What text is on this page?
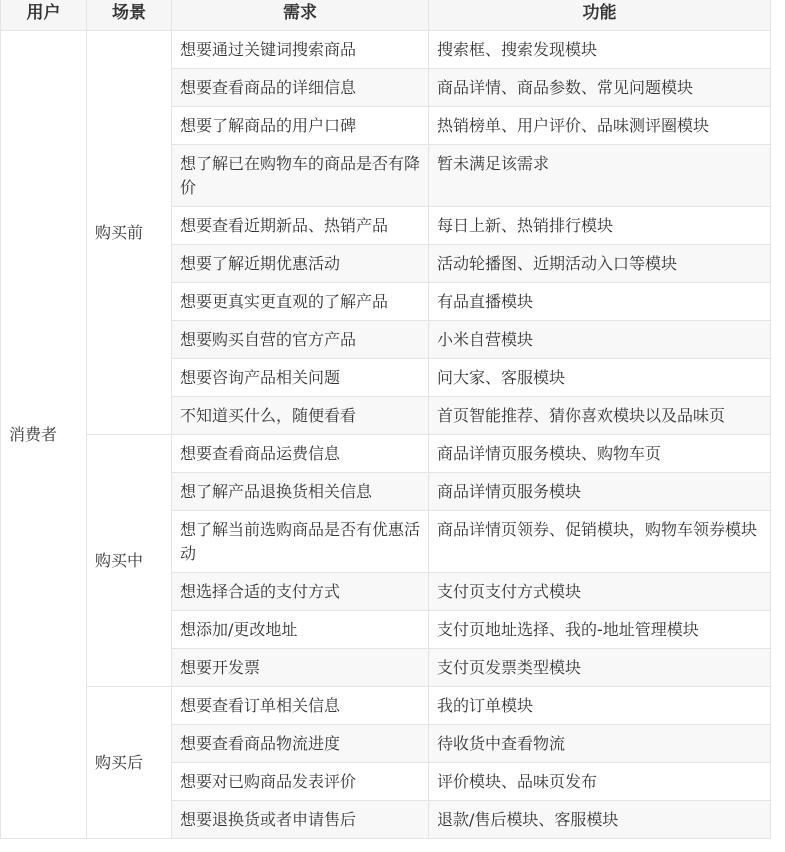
用户	场景	需求	功能
消费者	购买前	想要通过关键词搜索商品	搜索框、搜索发现模块
		想要查看商品的详细信息	商品详情、商品参数、常见问题模块
		想要了解商品的用户口碑	热销榜单、用户评价、品味测评圈模块
		想了解已在购物车的商品是否有降价	暂未满足该需求
		想要查看近期新品、热销产品	每日上新、热销排行模块
		想要了解近期优惠活动	活动轮播图、近期活动入口等模块
		想要更真实更直观的了解产品	有品直播模块
		想要购买自营的官方产品	小米自营模块
		想要咨询产品相关问题	问大家、客服模块
		不知道买什么，随便看看	首页智能推荐、猜你喜欢模块以及品味页
	购买中	想要查看商品运费信息	商品详情页服务模块、购物车页
		想了解产品退换货相关信息	商品详情页服务模块
		想了解当前选购商品是否有优惠活动	商品详情页领券、促销模块，购物车领券模块
		想选择合适的支付方式	支付页支付方式模块
		想添加/更改地址	支付页地址选择、我的-地址管理模块
		想要开发票	支付页发票类型模块
	购买后	想要查看订单相关信息	我的订单模块
		想要查看商品物流进度	待收货中查看物流
		想要对已购商品发表评价	评价模块、品味页发布
		想要退换货或者申请售后	退款/售后模块、客服模块
